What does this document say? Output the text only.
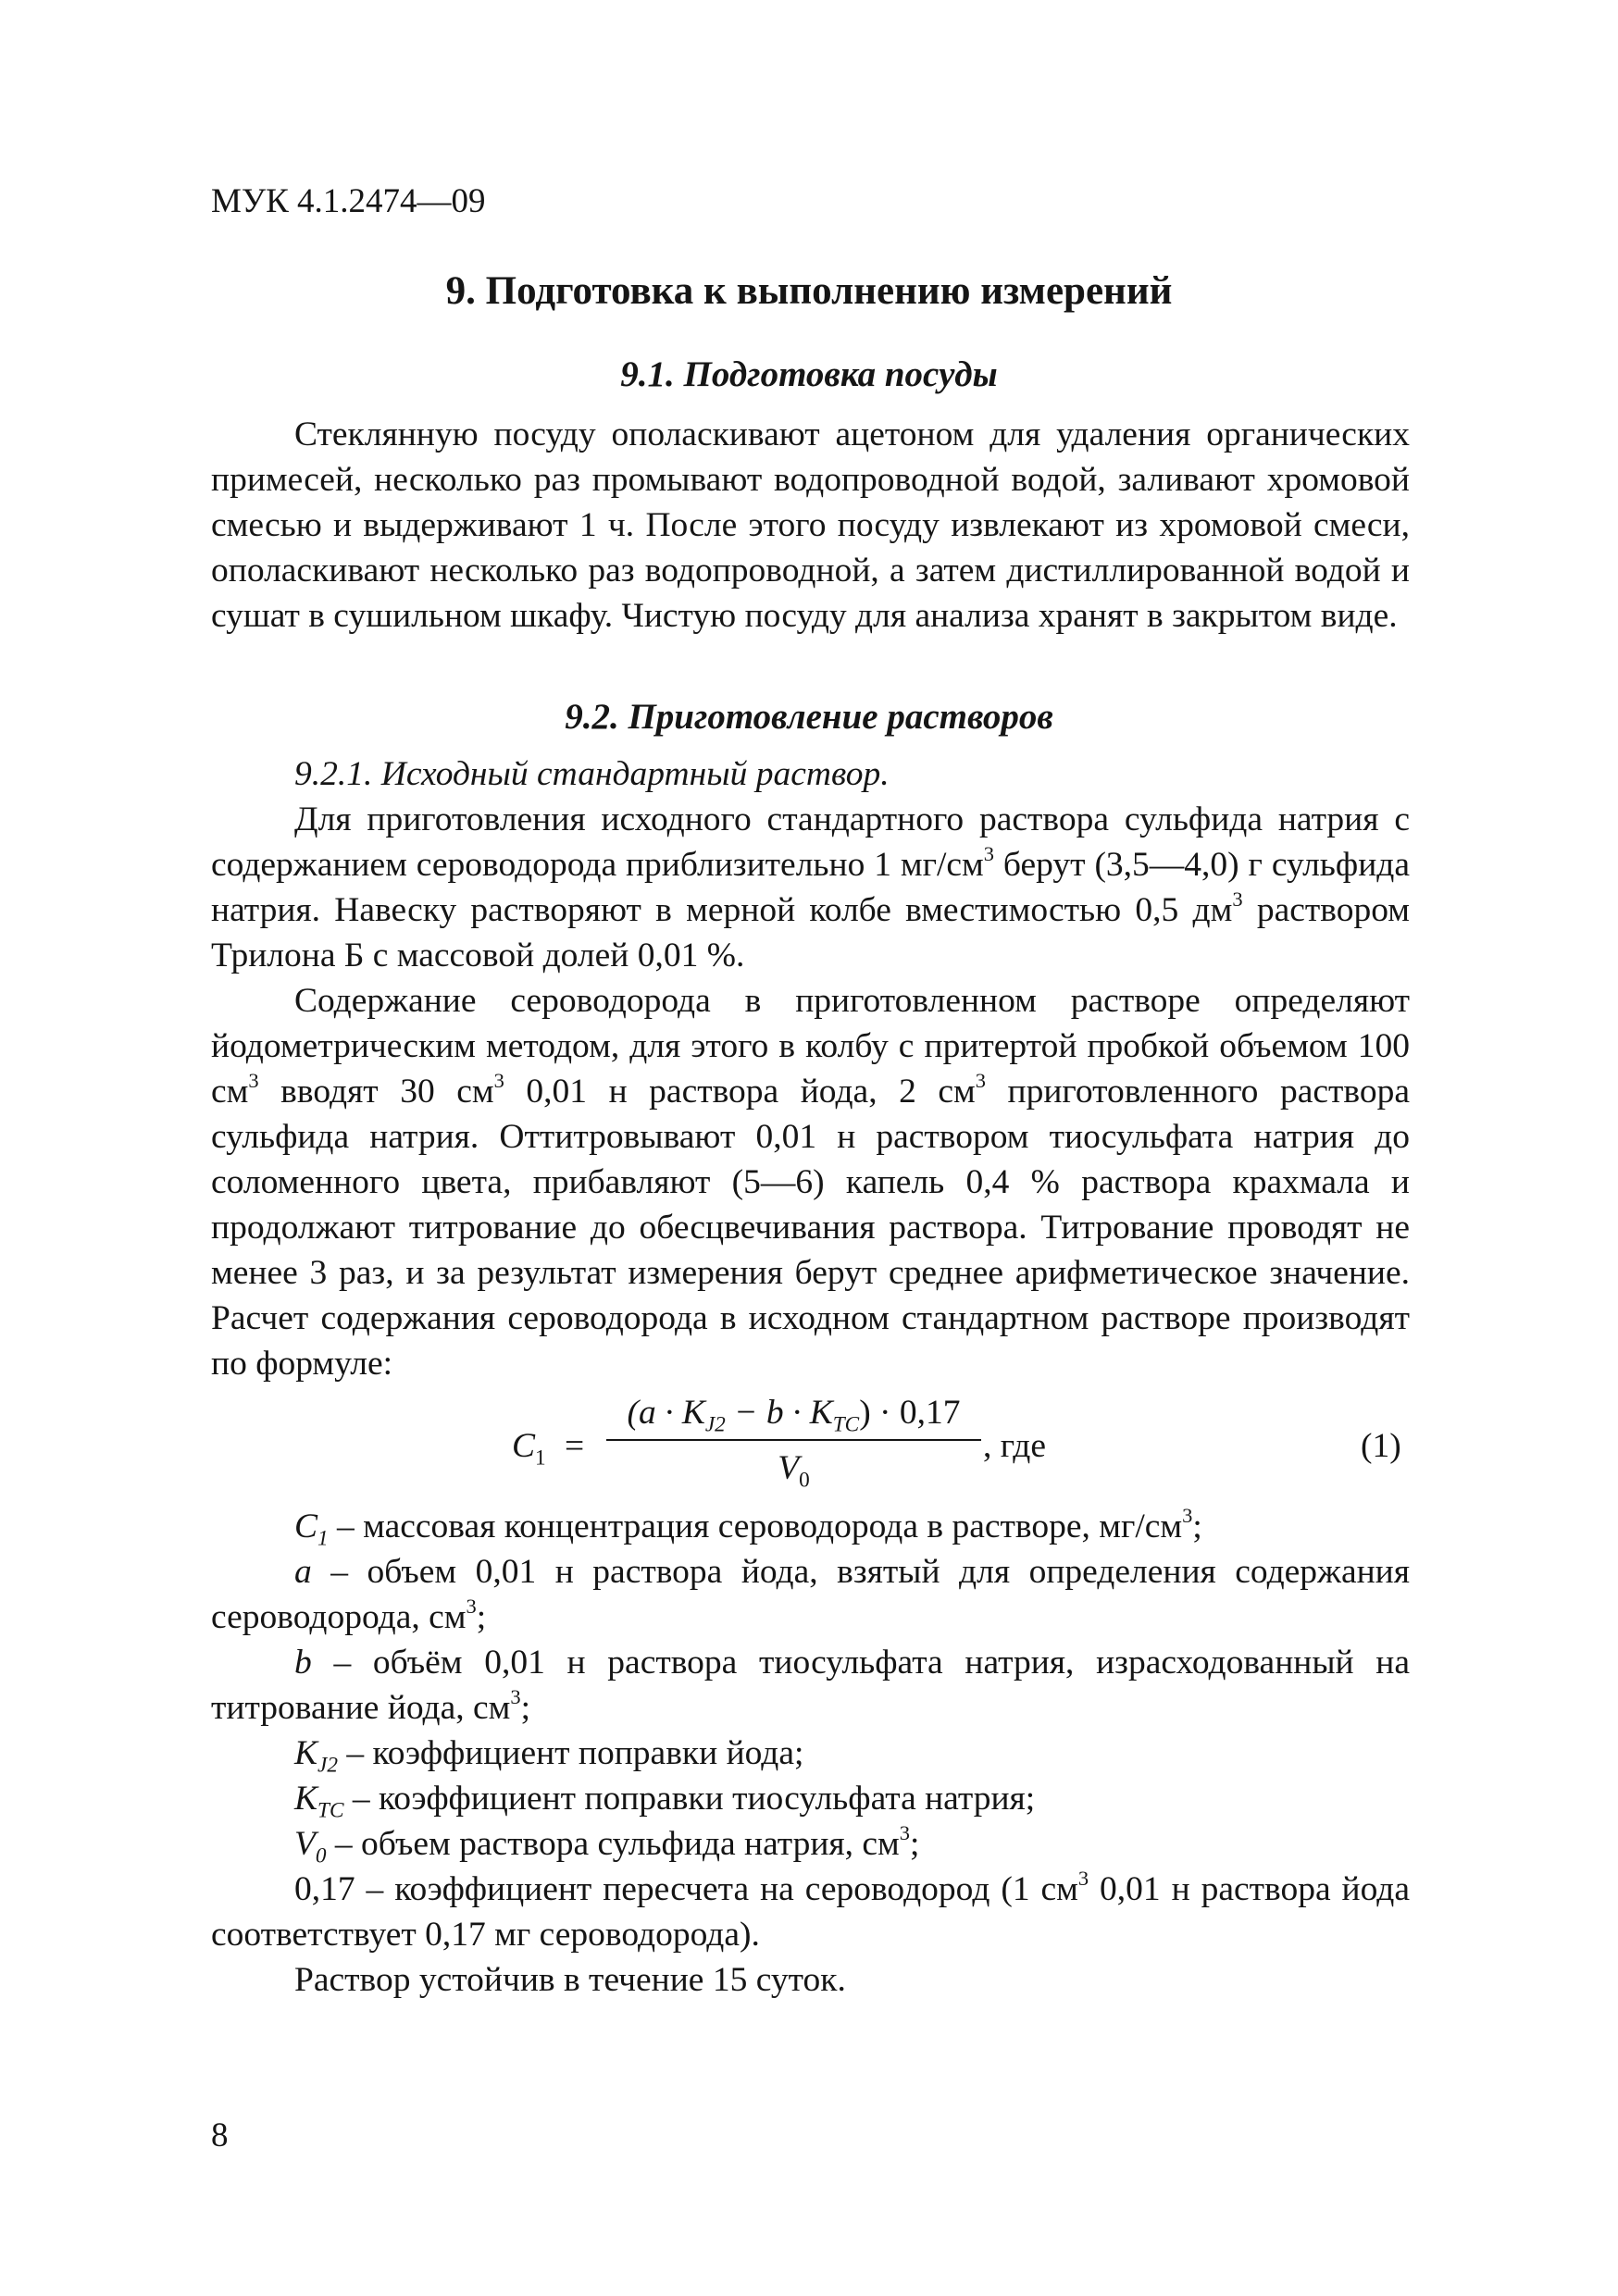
МУК 4.1.2474—09
9. Подготовка к выполнению измерений
9.1. Подготовка посуды

Стеклянную посуду ополаскивают ацетоном для удаления органических примесей, несколько раз промывают водопроводной водой, заливают хромовой смесью и выдерживают 1 ч. После этого посуду извлекают из хромовой смеси, ополаскивают несколько раз водопроводной, а затем дистиллированной водой и сушат в сушильном шкафу. Чистую посуду для анализа хранят в закрытом виде.

9.2. Приготовление растворов

9.2.1. Исходный стандартный раствор.

Для приготовления исходного стандартного раствора сульфида натрия с содержанием сероводорода приблизительно 1 $мг/см^3$ берут (3,5—4,0) г сульфида натрия. Навеску растворяют в мерной колбе вместимостью 0,5 $дм^3$ раствором Трилона Б с массовой долей 0,01 %.

Содержание сероводорода в приготовленном растворе определяют йодометрическим методом, для этого в колбу с притертой пробкой объемом 100 $см^3$ вводят 30 $см^3$ 0,01 н раствора йода, 2 $см^3$ приготовленного раствора сульфида натрия. Оттитровывают 0,01 н раствором тиосульфата натрия до соломенного цвета, прибавляют (5—6) капель 0,4 % раствора крахмала и продолжают титрование до обесцвечивания раствора. Титрование проводят не менее 3 раз, и за результат измерения берут среднее арифметическое значение. Расчет содержания сероводорода в исходном стандартном растворе производят по формуле:

$C_1$ =
$(a \cdot K_{J2} - b \cdot K_{TC}) \cdot 0,17$
$V_0$
, где	(1)

$C_1$ – массовая концентрация сероводорода в растворе, $мг/см^3$;

a – объем 0,01 н раствора йода, взятый для определения содержания сероводорода, $см^3$;

b – объём 0,01 н раствора тиосульфата натрия, израсходованный на титрование йода, $см^3$;

$K_{J2}$ – коэффициент поправки йода;

$K_{TC}$ – коэффициент поправки тиосульфата натрия;

$V_0$ – объем раствора сульфида натрия, $см^3$;

0,17 – коэффициент пересчета на сероводород (1 $см^3$ 0,01 н раствора йода соответствует 0,17 мг сероводорода).

Раствор устойчив в течение 15 суток.

8
